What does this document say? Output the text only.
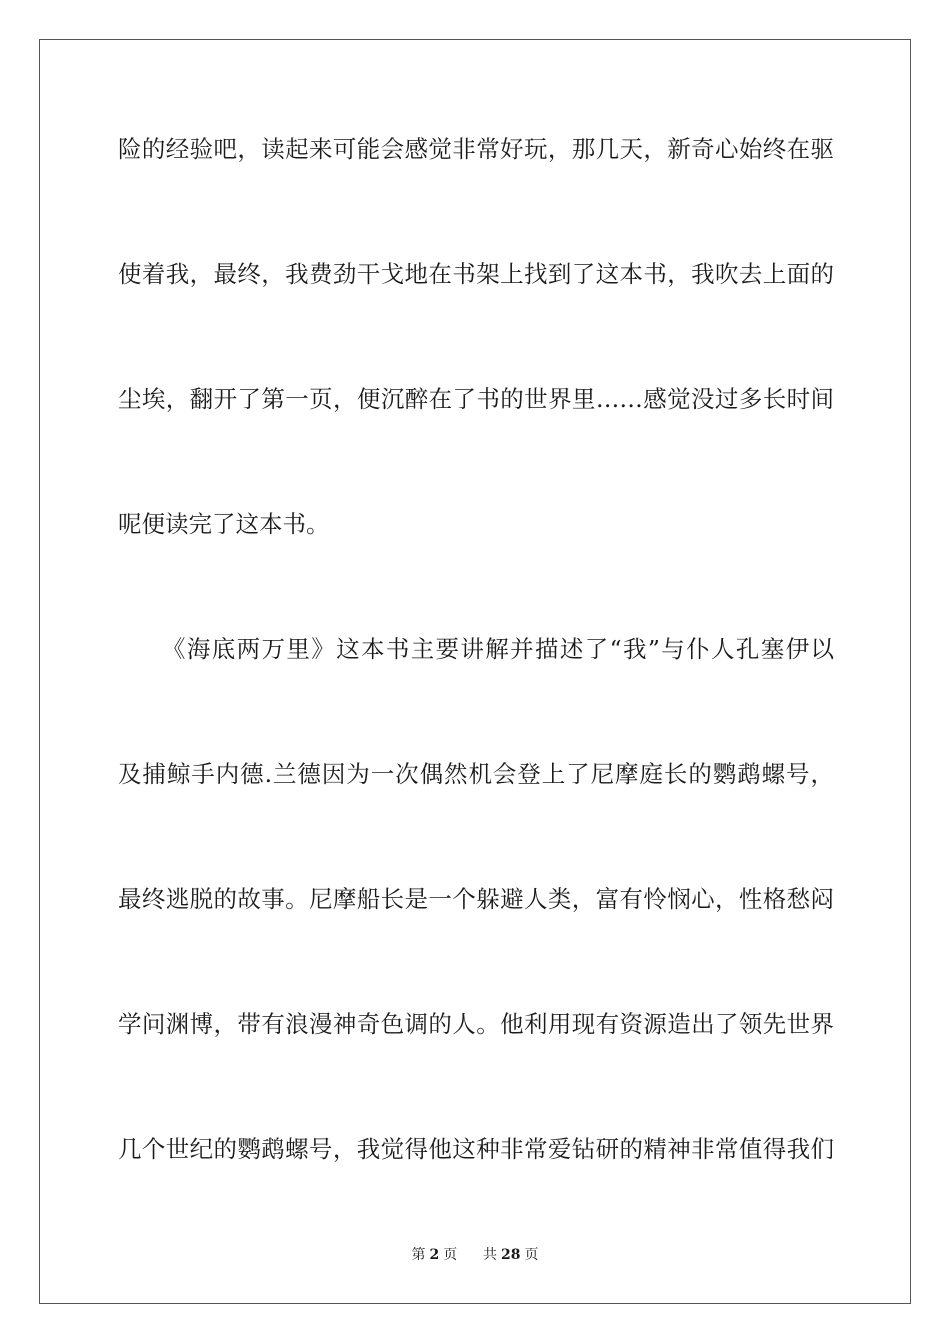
险的经验吧，读起来可能会感觉非常好玩，那几天，新奇心始终在驱
使着我，最终，我费劲干戈地在书架上找到了这本书，我吹去上面的
尘埃，翻开了第一页，便沉醉在了书的世界里……感觉没过多长时间
呢便读完了这本书。
《海底两万里》这本书主要讲解并描述了“我”与仆人孔塞伊以
及捕鲸手内德.兰德因为一次偶然机会登上了尼摩庭长的鹦鹉螺号，
最终逃脱的故事。尼摩船长是一个躲避人类，富有怜悯心，性格愁闷
学问渊博，带有浪漫神奇色调的人。他利用现有资源造出了领先世界
几个世纪的鹦鹉螺号，我觉得他这种非常爱钻研的精神非常值得我们
第 2 页 共 28 页
